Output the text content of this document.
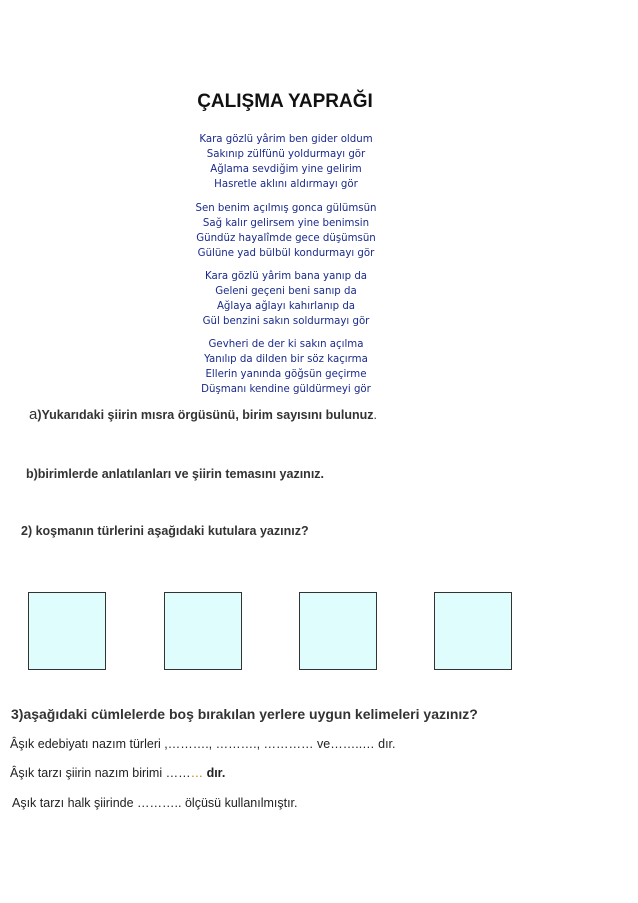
ÇALIŞMA YAPRAĞI
Kara gözlü yârim ben gider oldum
Sakınıp zülfünü yoldurmayı gör
Ağlama sevdiğim yine gelirim
Hasretle aklını aldırmayı gör
Sen benim açılmış gonca gülümsün
Sağ kalır gelirsem yine benimsin
Gündüz hayalîmde gece düşümsün
Gülüne yad bülbül kondurmayı gör
Kara gözlü yârim bana yanıp da
Geleni geçeni beni sanıp da
Ağlaya ağlayı kahırlanıp da
Gül benzini sakın soldurmayı gör
Gevheri de der ki sakın açılma
Yanılıp da dilden bir söz kaçırma
Ellerin yanında göğsün geçirme
Düşmanı kendine güldürmeyi gör
a)Yukarıdaki şiirin mısra örgüsünü, birim sayısını bulunuz.
b)birimlerde anlatılanları ve şiirin temasını yazınız.
2) koşmanın türlerini aşağıdaki kutulara yazınız?
3)aşağıdaki cümlelerde boş bırakılan yerlere uygun kelimeleri yazınız?
Âşık edebiyatı nazım türleri ,………., ………., ………… ve……..… dır.
Âşık tarzı şiirin nazım birimi ……… dır.
Aşık tarzı halk şiirinde ……….. ölçüsü kullanılmıştır.
